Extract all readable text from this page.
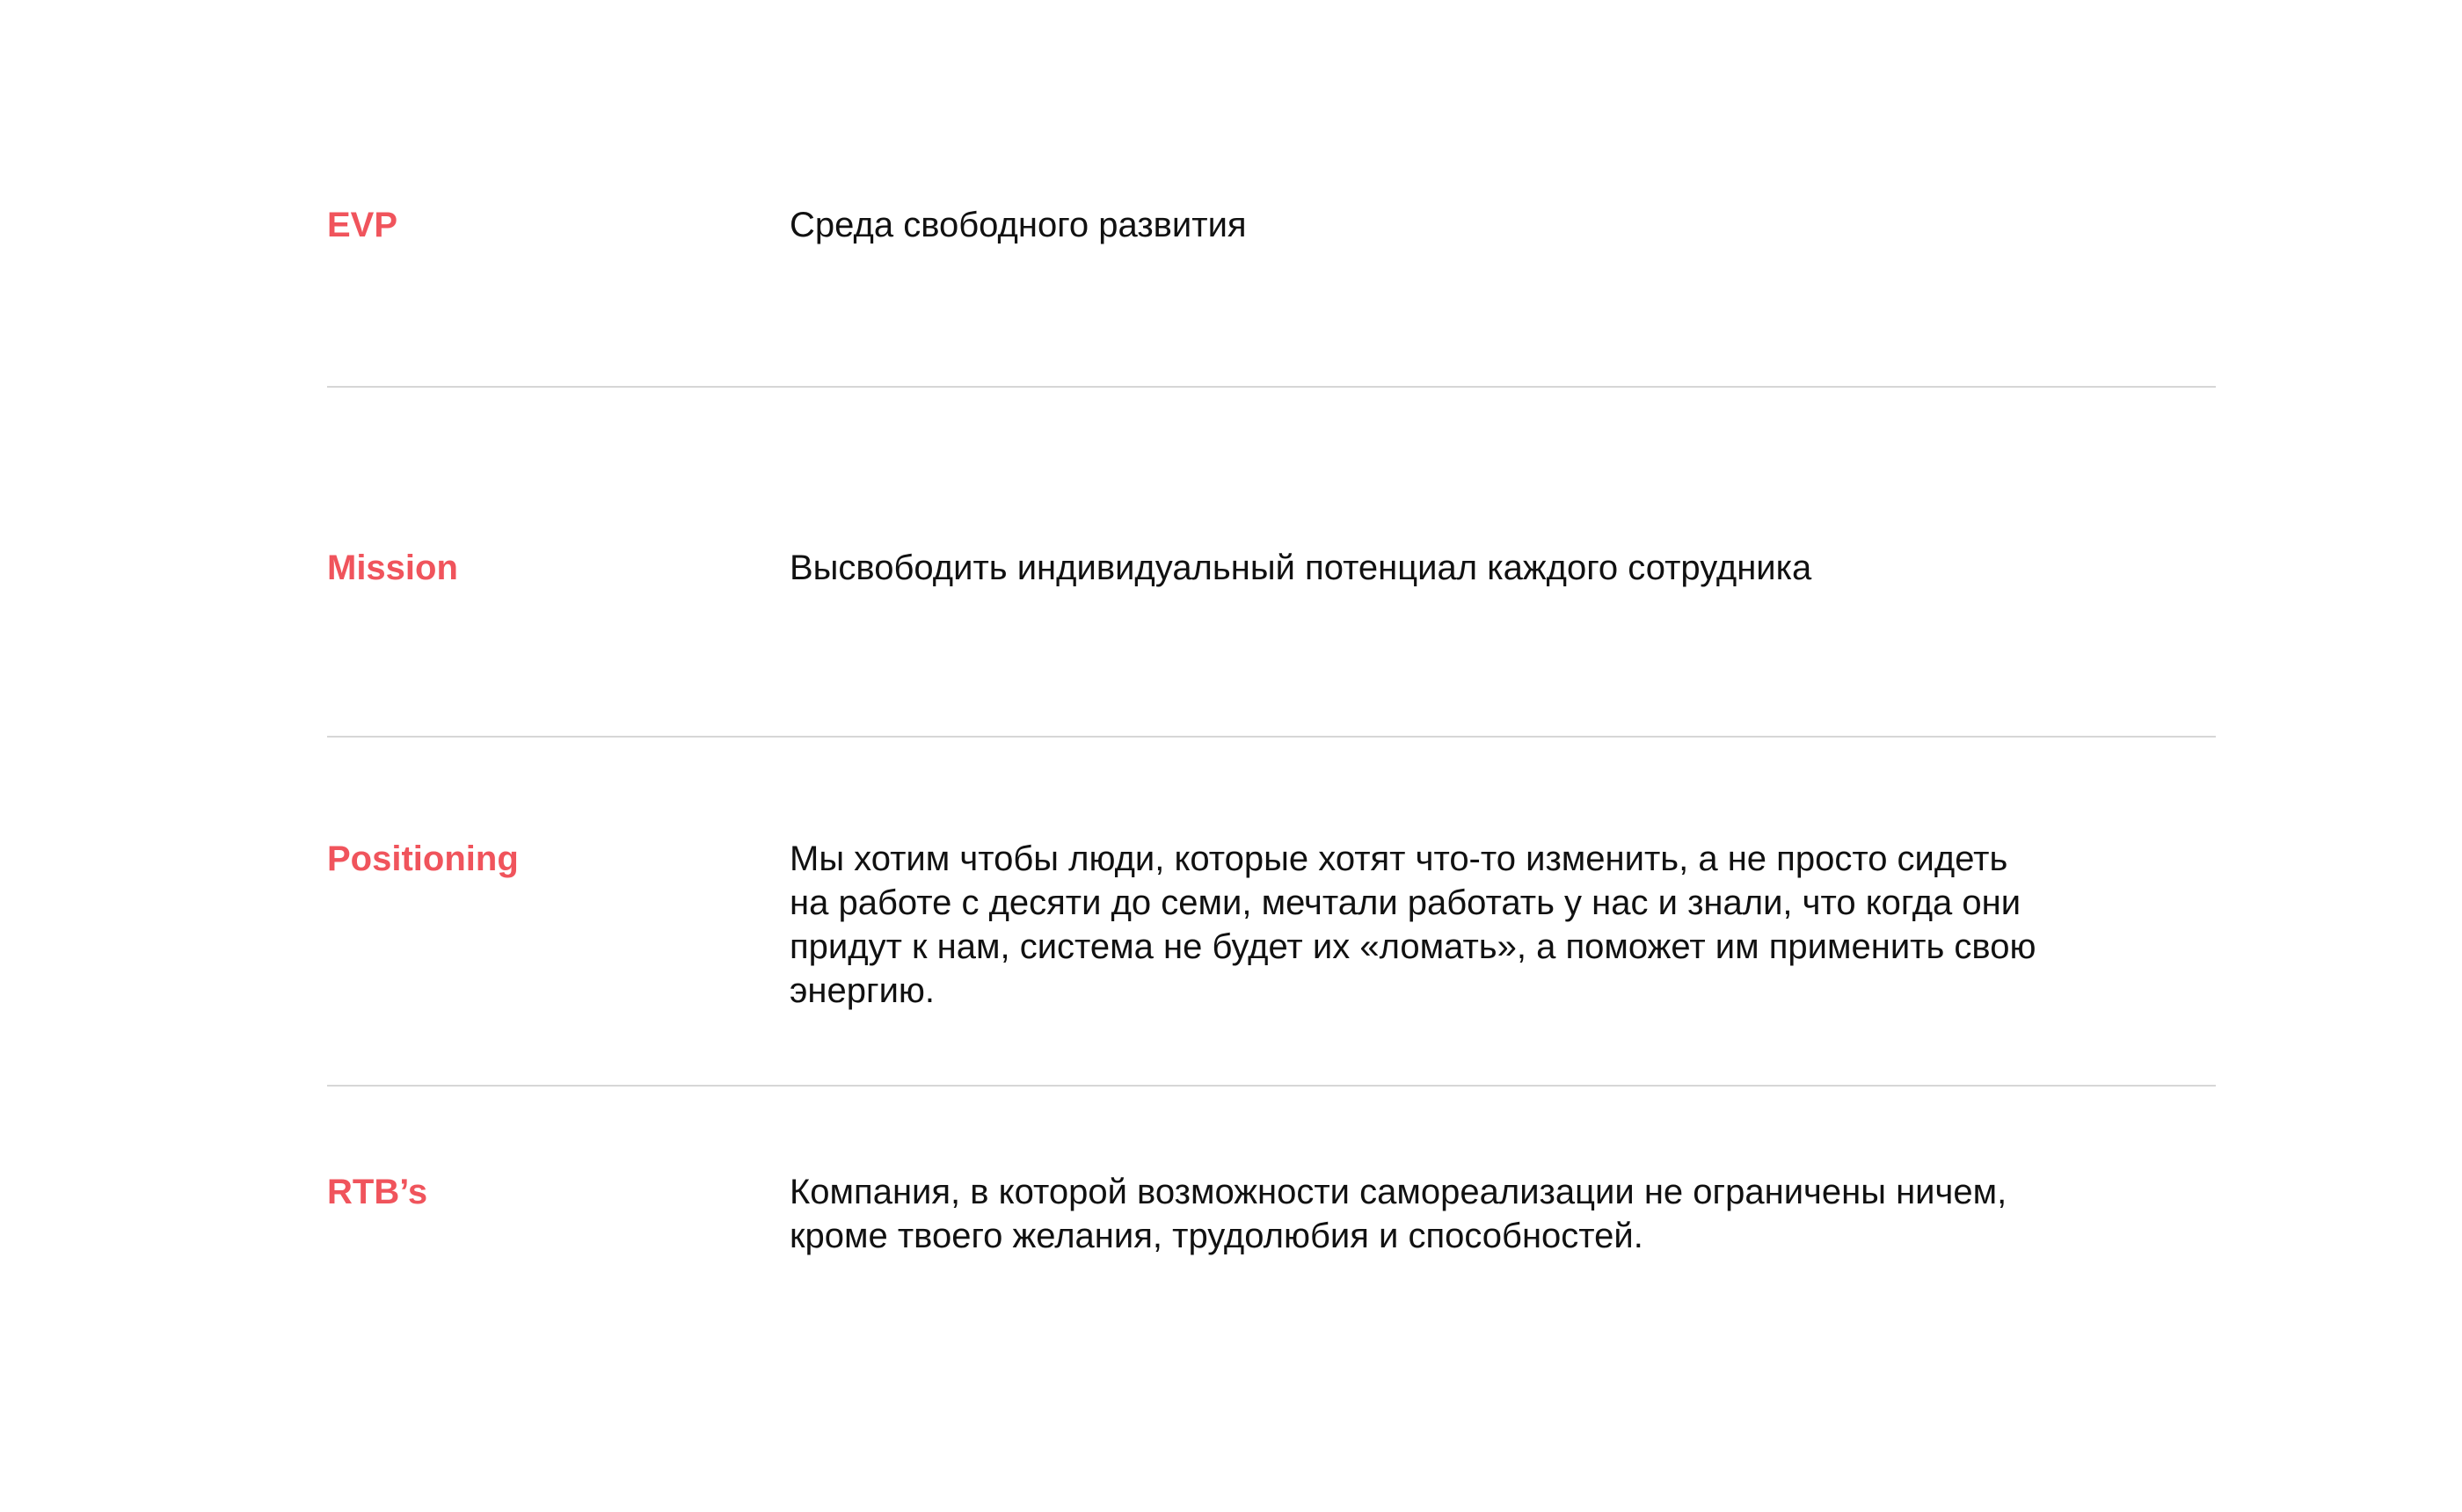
EVP	Среда свободного развития
Mission	Высвободить индивидуальный потенциал каждого сотрудника
Positioning	Мы хотим чтобы люди, которые хотят что-то изменить, а не просто сидеть
на работе с десяти до семи, мечтали работать у нас и знали, что когда они
придут к нам, система не будет их «ломать», а поможет им применить свою
энергию.
RTB’s	Компания, в которой возможности самореализации не ограничены ничем,
кроме твоего желания, трудолюбия и способностей.
